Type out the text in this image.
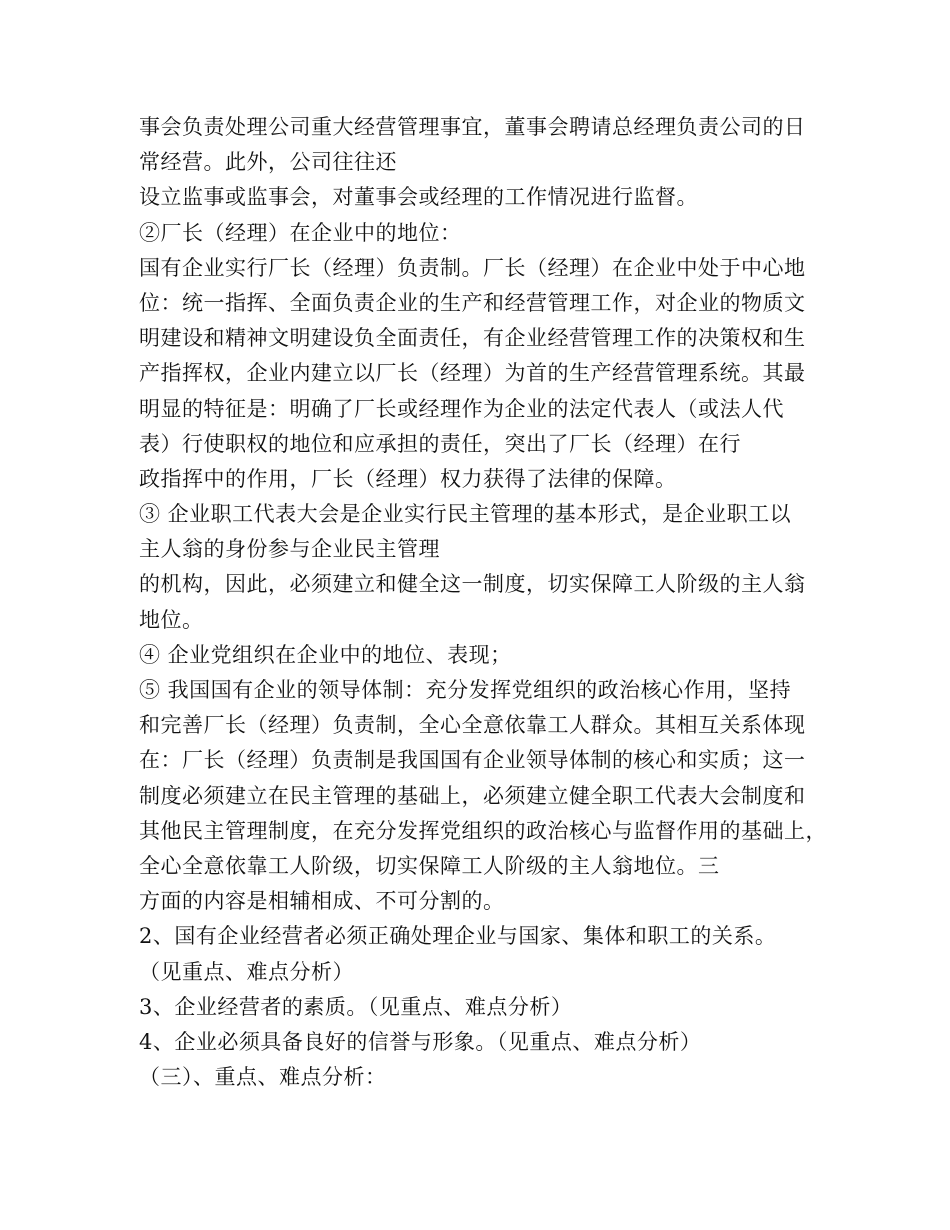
事会负责处理公司重大经营管理事宜，董事会聘请总经理负责公司的日
常经营。此外，公司往往还
设立监事或监事会，对董事会或经理的工作情况进行监督。
②厂长（经理）在企业中的地位：
国有企业实行厂长（经理）负责制。厂长（经理）在企业中处于中心地
位：统一指挥、全面负责企业的生产和经营管理工作，对企业的物质文
明建设和精神文明建设负全面责任，有企业经营管理工作的决策权和生
产指挥权，企业内建立以厂长（经理）为首的生产经营管理系统。其最
明显的特征是：明确了厂长或经理作为企业的法定代表人（或法人代
表）行使职权的地位和应承担的责任，突出了厂长（经理）在行
政指挥中的作用，厂长（经理）权力获得了法律的保障。
③ 企业职工代表大会是企业实行民主管理的基本形式，是企业职工以
主人翁的身份参与企业民主管理
的机构，因此，必须建立和健全这一制度，切实保障工人阶级的主人翁
地位。
④ 企业党组织在企业中的地位、表现；
⑤ 我国国有企业的领导体制：充分发挥党组织的政治核心作用，坚持
和完善厂长（经理）负责制，全心全意依靠工人群众。其相互关系体现
在：厂长（经理）负责制是我国国有企业领导体制的核心和实质；这一
制度必须建立在民主管理的基础上，必须建立健全职工代表大会制度和
其他民主管理制度，在充分发挥党组织的政治核心与监督作用的基础上，
全心全意依靠工人阶级，切实保障工人阶级的主人翁地位。三
方面的内容是相辅相成、不可分割的。
2、国有企业经营者必须正确处理企业与国家、集体和职工的关系。
（见重点、难点分析）
3、企业经营者的素质。（见重点、难点分析）
4、企业必须具备良好的信誉与形象。（见重点、难点分析）
（三）、重点、难点分析：
